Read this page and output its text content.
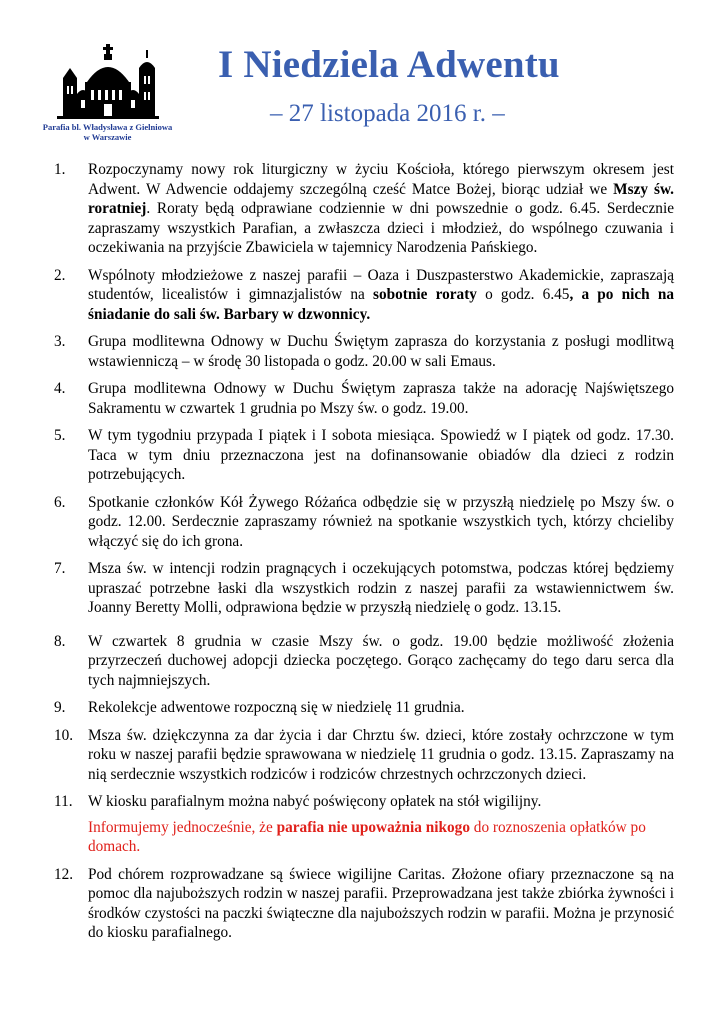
Parafia bl. Władysława z Gielniowa
w Warszawie
I Niedziela Adwentu
– 27 listopada 2016 r. –
1. Rozpoczynamy nowy rok liturgiczny w życiu Kościoła, którego pierwszym okresem jest Adwent. W Adwencie oddajemy szczególną cześć Matce Bożej, biorąc udział we Mszy św. roratniej. Roraty będą odprawiane codziennie w dni powszednie o godz. 6.45. Serdecznie zapraszamy wszystkich Parafian, a zwłaszcza dzieci i młodzież, do wspólnego czuwania i oczekiwania na przyjście Zbawiciela w tajemnicy Narodzenia Pańskiego.
2. Wspólnoty młodzieżowe z naszej parafii – Oaza i Duszpasterstwo Akademickie, zapraszają studentów, licealistów i gimnazjalistów na sobotnie roraty o godz. 6.45, a po nich na śniadanie do sali św. Barbary w dzwonnicy.
3. Grupa modlitewna Odnowy w Duchu Świętym zaprasza do korzystania z posługi modlitwą wstawienniczą – w środę 30 listopada o godz. 20.00 w sali Emaus.
4. Grupa modlitewna Odnowy w Duchu Świętym zaprasza także na adorację Najświętszego Sakramentu w czwartek 1 grudnia po Mszy św. o godz. 19.00.
5. W tym tygodniu przypada I piątek i I sobota miesiąca. Spowiedź w I piątek od godz. 17.30. Taca w tym dniu przeznaczona jest na dofinansowanie obiadów dla dzieci z rodzin potrzebujących.
6. Spotkanie członków Kół Żywego Różańca odbędzie się w przyszłą niedzielę po Mszy św. o godz. 12.00. Serdecznie zapraszamy również na spotkanie wszystkich tych, którzy chcieliby włączyć się do ich grona.
7. Msza św. w intencji rodzin pragnących i oczekujących potomstwa, podczas której będziemy upraszać potrzebne łaski dla wszystkich rodzin z naszej parafii za wstawiennictwem św. Joanny Beretty Molli, odprawiona będzie w przyszłą niedzielę o godz. 13.15.
8. W czwartek 8 grudnia w czasie Mszy św. o godz. 19.00 będzie możliwość złożenia przyrzeczeń duchowej adopcji dziecka poczętego. Gorąco zachęcamy do tego daru serca dla tych najmniejszych.
9. Rekolekcje adwentowe rozpoczną się w niedzielę 11 grudnia.
10. Msza św. dziękczynna za dar życia i dar Chrztu św. dzieci, które zostały ochrzczone w tym roku w naszej parafii będzie sprawowana w niedzielę 11 grudnia o godz. 13.15. Zapraszamy na nią serdecznie wszystkich rodziców i rodziców chrzestnych ochrzczonych dzieci.
11. W kiosku parafialnym można nabyć poświęcony opłatek na stół wigilijny.
Informujemy jednocześnie, że parafia nie upoważnia nikogo do roznoszenia opłatków po domach.
12. Pod chórem rozprowadzane są świece wigilijne Caritas. Złożone ofiary przeznaczone są na pomoc dla najuboższych rodzin w naszej parafii. Przeprowadzana jest także zbiórka żywności i środków czystości na paczki świąteczne dla najuboższych rodzin w parafii. Można je przynosić do kiosku parafialnego.
